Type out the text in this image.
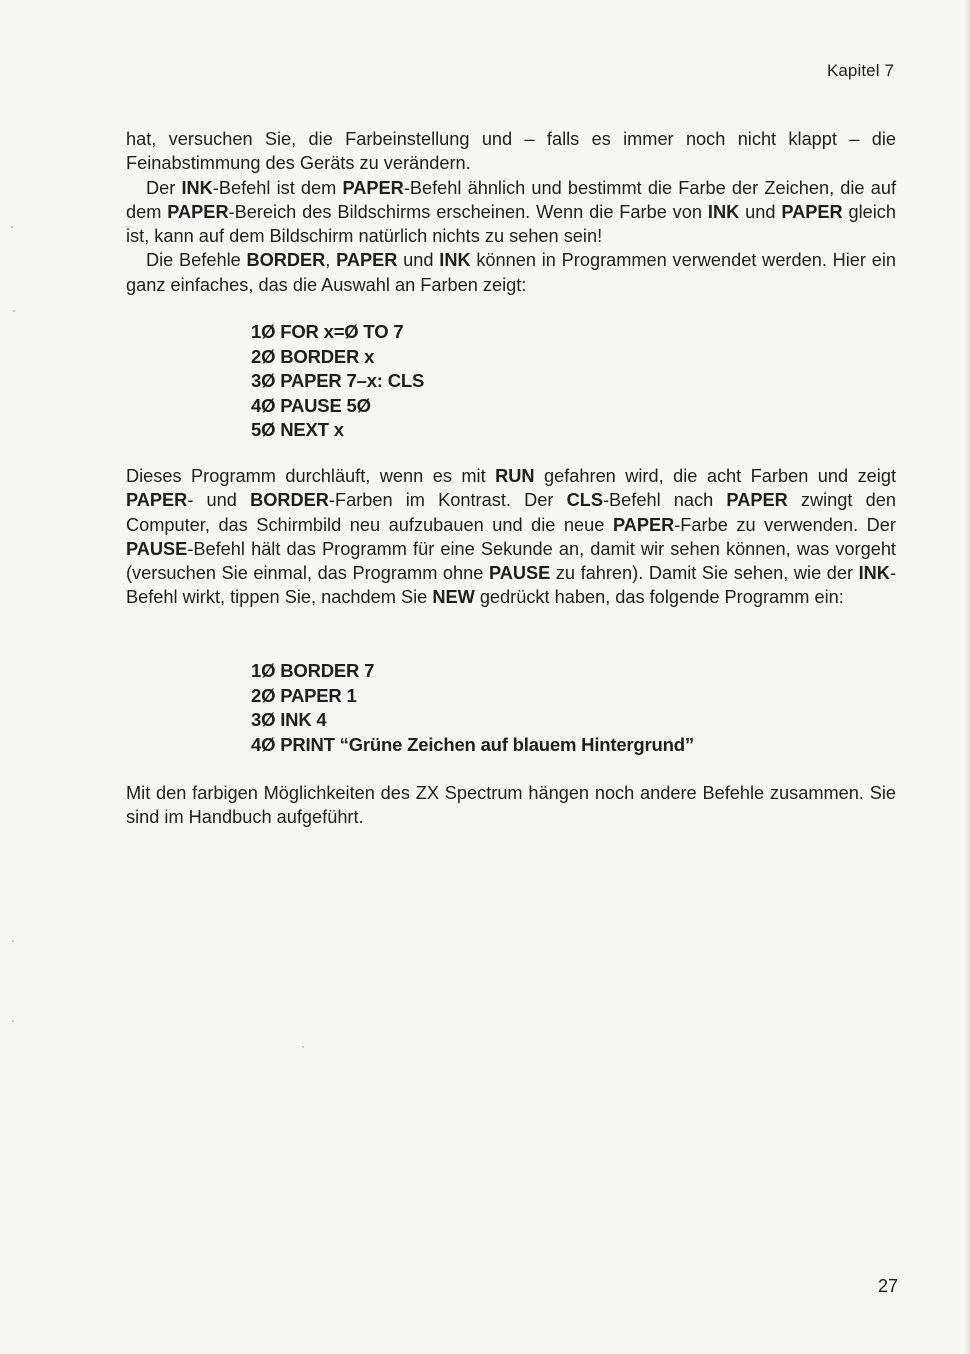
Kapitel 7

hat, versuchen Sie, die Farbeinstellung und – falls es immer noch nicht klappt – die Feinabstimmung des Geräts zu verändern.

Der INK-Befehl ist dem PAPER-Befehl ähnlich und bestimmt die Farbe der Zeichen, die auf dem PAPER-Bereich des Bildschirms erscheinen. Wenn die Farbe von INK und PAPER gleich ist, kann auf dem Bildschirm natürlich nichts zu sehen sein!

Die Befehle BORDER, PAPER und INK können in Programmen verwendet werden. Hier ein ganz einfaches, das die Auswahl an Farben zeigt:

1Ø FOR x=Ø TO 7
2Ø BORDER x
3Ø PAPER 7–x: CLS
4Ø PAUSE 5Ø
5Ø NEXT x

Dieses Programm durchläuft, wenn es mit RUN gefahren wird, die acht Farben und zeigt PAPER- und BORDER-Farben im Kontrast. Der CLS-Befehl nach PAPER zwingt den Computer, das Schirmbild neu aufzubauen und die neue PAPER-Farbe zu verwenden. Der PAUSE-Befehl hält das Programm für eine Sekunde an, damit wir sehen können, was vorgeht (versuchen Sie einmal, das Programm ohne PAUSE zu fahren). Damit Sie sehen, wie der INK-Befehl wirkt, tippen Sie, nachdem Sie NEW gedrückt haben, das folgende Programm ein:

1Ø BORDER 7
2Ø PAPER 1
3Ø INK 4
4Ø PRINT “Grüne Zeichen auf blauem Hintergrund”

Mit den farbigen Möglichkeiten des ZX Spectrum hängen noch andere Befehle zusammen. Sie sind im Handbuch aufgeführt.

27
